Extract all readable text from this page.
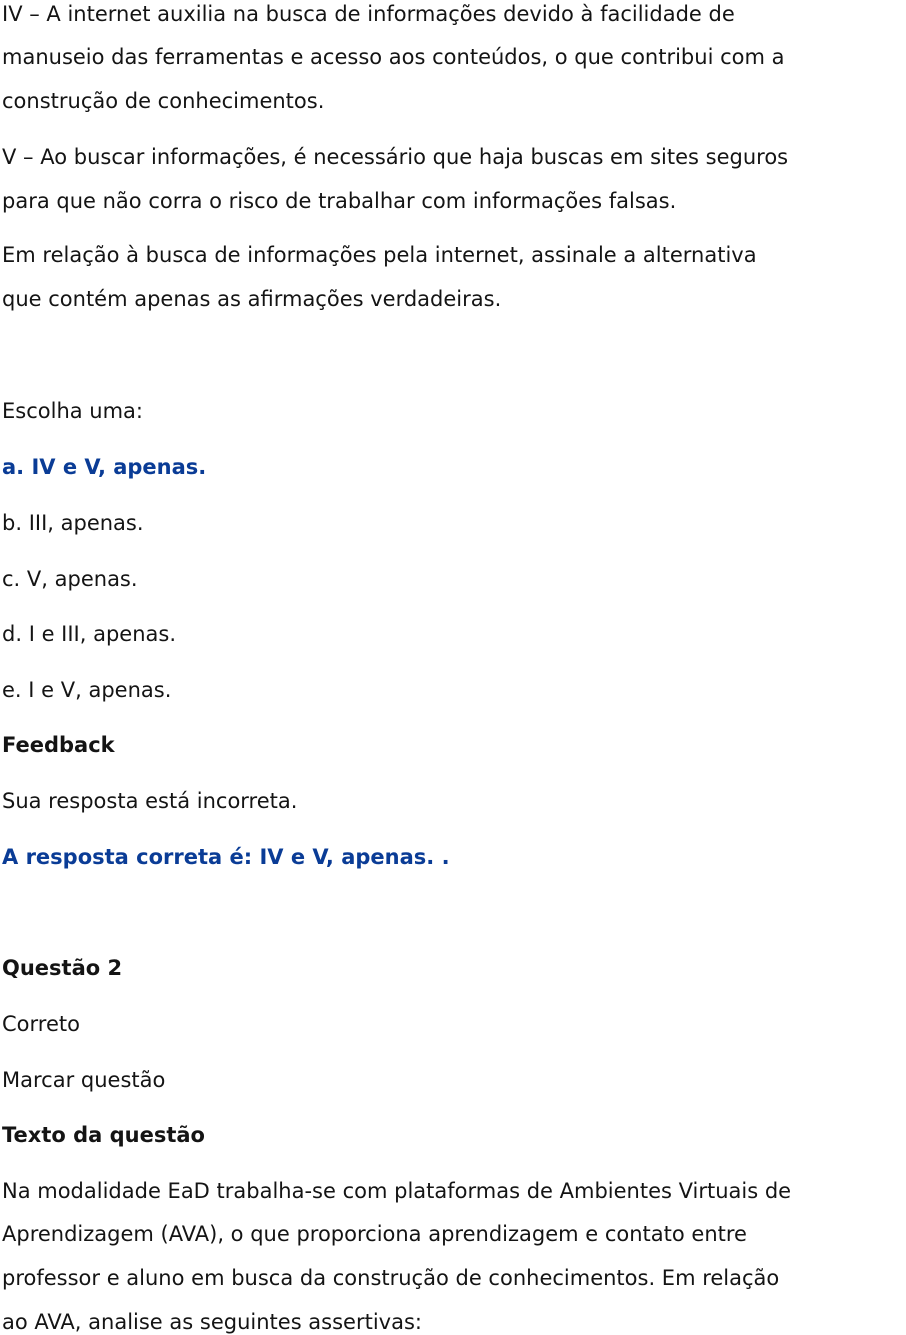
IV – A internet auxilia na busca de informações devido à facilidade de
manuseio das ferramentas e acesso aos conteúdos, o que contribui com a
construção de conhecimentos.
V – Ao buscar informações, é necessário que haja buscas em sites seguros
para que não corra o risco de trabalhar com informações falsas.
Em relação à busca de informações pela internet, assinale a alternativa
que contém apenas as afirmações verdadeiras.
Escolha uma:
a. IV e V, apenas.
b. III, apenas.
c. V, apenas.
d. I e III, apenas.
e. I e V, apenas.
Feedback
Sua resposta está incorreta.
A resposta correta é: IV e V, apenas. .
Questão 2
Correto
Marcar questão
Texto da questão
Na modalidade EaD trabalha-se com plataformas de Ambientes Virtuais de
Aprendizagem (AVA), o que proporciona aprendizagem e contato entre
professor e aluno em busca da construção de conhecimentos. Em relação
ao AVA, analise as seguintes assertivas:
